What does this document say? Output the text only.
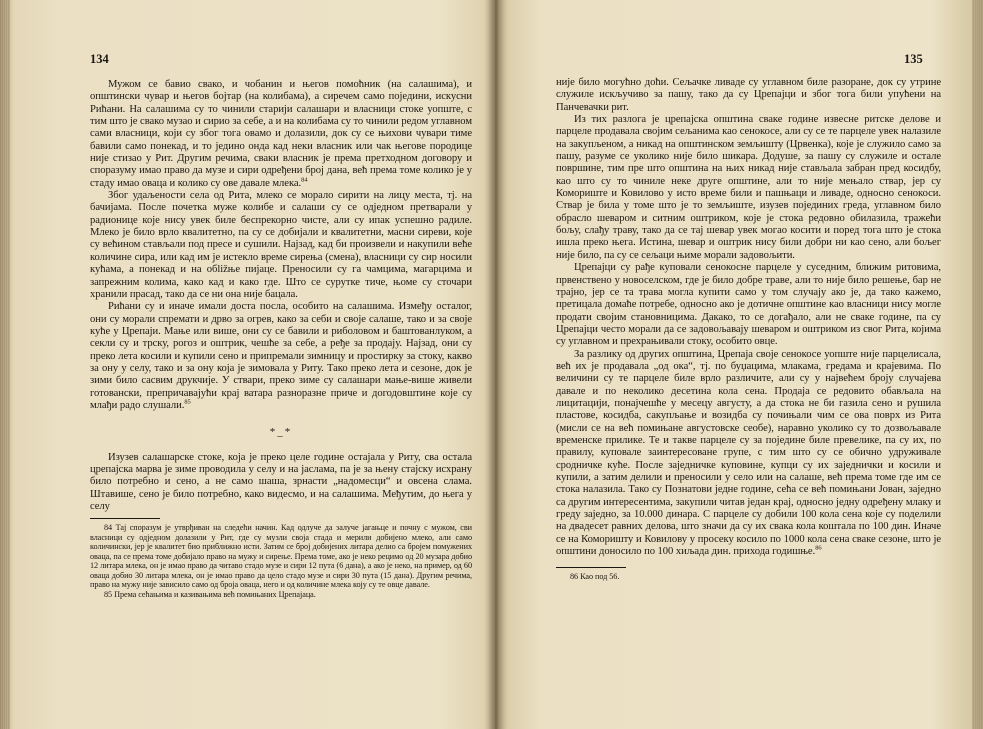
134

Мужом се бавио свако, и чобанин и његов помоћник (на салашима), и општински чувар и његов бојтар (на колибама), а сиречем само поједини, искусни Рићани. На салашима су то чинили старији салашари и власници стоке уопште, с тим што је свако музао и сирио за себе, а и на колибама су то чинили редом углавном сами власници, који су због тога овамо и долазили, док су се њихови чувари тиме бавили само понекад, и то једино онда кад неки власник или чак његове породице није стизао у Рит. Другим речима, сваки власник је према претходном договору и споразуму имао право да музе и сири одређени број дана, већ према томе колико је у стаду имао оваца и колико су ове давале млека.$^{84}$

Због удаљености села од Рита, млеко се морало сирити на лицу места, тј. на бачијама. После почетка муже колибе и салаши су се одједном претварали у радионице које нису увек биле беспрекорно чисте, али су ипак успешно радиле. Млеко је било врло квалитетно, па су се добијали и квалитетни, масни сиреви, које су већином стављали под пресе и сушили. Најзад, кад би произвели и накупили веће количине сира, или кад им је истекло време сирења (смена), власници су сир носили кућама, а понекад и на обližње пијаце. Преносили су га чамцима, магарцима и запрежним колима, како кад и како где. Што се сурутке тиче, њоме су сточари хранили прасад, тако да се ни она није бацала.

Рићани су и иначе имали доста посла, особито на салашима. Између осталог, они су морали спремати и дрво за огрев, како за себи и своје салаше, тако и за своје куће у Црепаји. Мање или више, они су се бавили и риболовом и баштованлуком, а секли су и трску, рогоз и оштрик, чешће за себе, а ређе за продају. Најзад, они су преко лета косили и купили сено и припремали зимницу и простирку за стоку, какво за ону у селу, тако и за ону која је зимовала у Риту. Тако преко лета и сезоне, док је зими било сасвим друкчије. У ствари, преко зиме су салашари мање-више живели готовански, препричавајући крај ватара разноразне приче и догодовштине које су млађи радо слушали.$^{85}$

*_*

Изузев салашарске стоке, која је преко целе године остајала у Риту, сва остала црепајска марва је зиме проводила у селу и на јаслама, па је за њену стајску исхрану било потребно и сено, а не само шаша, зрнасти „надомесци“ и овсена слама. Штавише, сено је било потребно, како видесмо, и на салашима. Међутим, до њега у селу

84 Тај споразум је утврђиван на следећи начин. Кад одлуче да залуче јагањце и почну с мужом, сви власници су одједном долазили у Рит, где су музли своја стада и мерили добијено млеко, али само количински, јер је квалитет био приближно исти. Затим се број добијених литара делио са бројем помужених оваца, па се према томе добијало право на мужу и сирење. Према томе, ако је неко рецимо од 20 музара добио 12 литара млека, он је имао право да читаво стадо музе и сири 12 пута (6 дана), а ако је неко, на пример, од 60 оваца добио 30 литара млека, он је имао право да цело стадо музе и сири 30 пута (15 дана). Другим речима, право на мужу није зависило само од броја оваца, него и од количине млека коју су те овце давале.

85 Према сећањима и казивањима већ помињаних Црепајаца.

135

није било могућно доћи. Сељачке ливаде су углавном биле разоране, док су утрине служиле искључиво за пашу, тако да су Црепајци и због тога били упућени на Панчевачки рит.

Из тих разлога је црепајска општина сваке године извесне ритске делове и парцеле продавала својим сељанима као сенокосе, али су се те парцеле увек налазиле на закупљеном, а никад на општинском земљишту (Црвенка), које је служило само за пашу, разуме се уколико није било шикара. Додуше, за пашу су служиле и остале површине, тим пре што општина на њих никад није стављала забран пред косидбу, као што су то чиниле неке друге општине, али то није мењало ствар, јер су Комориште и Ковилово у исто време били и пашњаци и ливаде, односно сенокоси. Ствар је била у томе што је то земљиште, изузев појединих греда, углавном било обрасло шеваром и ситним оштриком, које је стока редовно обилазила, тражећи бољу, слађу траву, тако да се тај шевар увек могао косити и поред тога што је стока ишла преко њега. Истина, шевар и оштрик нису били добри ни као сено, али бољег није било, па су се сељаци њиме морали задовољити.

Црепајци су рађе куповали сенокосне парцеле у суседним, ближим ритовима, првенствено у новоселском, где је било добре траве, али то није било решење, бар не трајно, јер се та трава могла купити само у том случају ако је, да тако кажемо, претицала домаће потребе, односно ако је дотичне општине као власници нису могле продати својим становницима. Дакако, то се догађало, али не сваке године, па су Црепајци често морали да се задовољавају шеваром и оштриком из свог Рита, којима су углавном и прехрањивали стоку, особито овце.

За разлику од других општина, Црепаја своје сенокосе уопште није парцелисала, већ их је продавала „од ока“, тј. по буџацима, млакама, гредама и крајевима. По величини су те парцеле биле врло различите, али су у највећем броју случајева давале и по неколико десетина кола сена. Продаја се редовито обављала на лицитацији, понајчешће у месецу августу, а да стока не би газила сено и рушила пластове, косидба, сакупљање и возидба су почињали чим се ова поврх из Рита (мисли се на већ помињане августовске сеобе), наравно уколико су то дозвољавале временске прилике. Те и такве парцеле су за поједине биле превелике, па су их, по правилу, куповале заинтересоване групе, с тим што су се обично удруживале сродничке куће. После заједничке куповине, купци су их заједнички и косили и купили, а затим делили и преносили у село или на салаше, већ према томе где им се стока налазила. Тако су Познатови једне године, сећа се већ помињани Јован, заједно са другим интересентима, закупили читав један крај, односно једну одређену млаку и греду заједно, за 10.000 динара. С парцеле су добили 100 кола сена које су поделили на двадесет равних делова, што значи да су их свака кола коштала по 100 дин. Иначе се на Коморишту и Ковилову у просеку косило по 1000 кола сена сваке сезоне, што је општини доносило по 100 хиљада дин. прихода годишње.$^{86}$

86 Као под 56.
